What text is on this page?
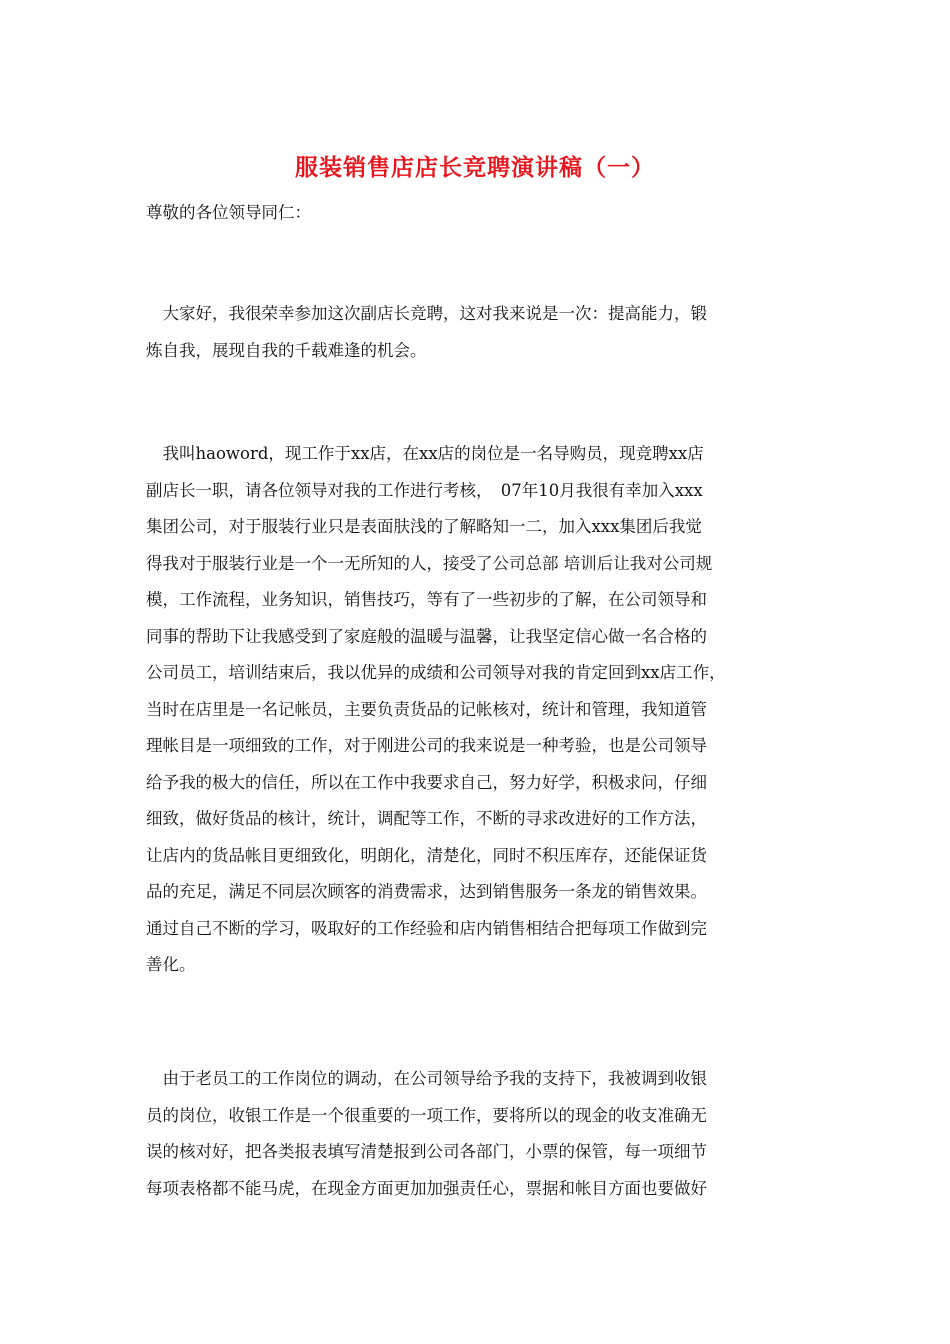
服装销售店店长竞聘演讲稿（一）
尊敬的各位领导同仁：
　大家好，我很荣幸参加这次副店长竞聘，这对我来说是一次：提高能力，锻
炼自我，展现自我的千载难逢的机会。
　我叫haoword，现工作于xx店，在xx店的岗位是一名导购员，现竞聘xx店
副店长一职，请各位领导对我的工作进行考核，　07年10月我很有幸加入xxx
集团公司，对于服装行业只是表面肤浅的了解略知一二，加入xxx集团后我觉
得我对于服装行业是一个一无所知的人，接受了公司总部 培训后让我对公司规
模，工作流程，业务知识，销售技巧，等有了一些初步的了解，在公司领导和
同事的帮助下让我感受到了家庭般的温暖与温馨，让我坚定信心做一名合格的
公司员工，培训结束后，我以优异的成绩和公司领导对我的肯定回到xx店工作，
当时在店里是一名记帐员，主要负责货品的记帐核对，统计和管理，我知道管
理帐目是一项细致的工作，对于刚进公司的我来说是一种考验，也是公司领导
给予我的极大的信任，所以在工作中我要求自己，努力好学，积极求问，仔细
细致，做好货品的核计，统计，调配等工作，不断的寻求改进好的工作方法，
让店内的货品帐目更细致化，明朗化，清楚化，同时不积压库存，还能保证货
品的充足，满足不同层次顾客的消费需求，达到销售服务一条龙的销售效果。
通过自己不断的学习，吸取好的工作经验和店内销售相结合把每项工作做到完
善化。
　由于老员工的工作岗位的调动，在公司领导给予我的支持下，我被调到收银
员的岗位，收银工作是一个很重要的一项工作，要将所以的现金的收支准确无
误的核对好，把各类报表填写清楚报到公司各部门，小票的保管，每一项细节
每项表格都不能马虎，在现金方面更加加强责任心，票据和帐目方面也要做好
